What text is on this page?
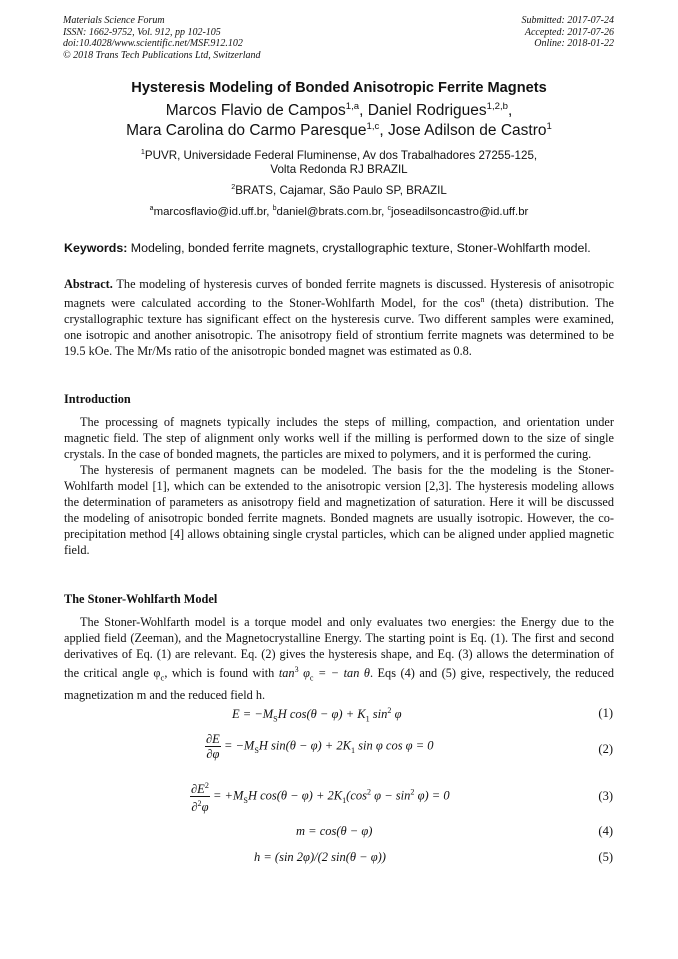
Materials Science Forum
ISSN: 1662-9752, Vol. 912, pp 102-105
doi:10.4028/www.scientific.net/MSF.912.102
© 2018 Trans Tech Publications Ltd, Switzerland
Submitted: 2017-07-24
Accepted: 2017-07-26
Online: 2018-01-22
Hysteresis Modeling of Bonded Anisotropic Ferrite Magnets
Marcos Flavio de Campos$^{1,a}$, Daniel Rodrigues$^{1,2,b}$,
Mara Carolina do Carmo Paresque$^{1,c}$, Jose Adilson de Castro$^1$
$^1$PUVR, Universidade Federal Fluminense, Av dos Trabalhadores 27255-125,
Volta Redonda RJ BRAZIL
$^2$BRATS, Cajamar, São Paulo SP, BRAZIL
$^a$marcosflavio@id.uff.br, $^b$daniel@brats.com.br, $^c$joseadilsoncastro@id.uff.br
Keywords: Modeling, bonded ferrite magnets, crystallographic texture, Stoner-Wohlfarth model.

Abstract. The modeling of hysteresis curves of bonded ferrite magnets is discussed. Hysteresis of anisotropic magnets were calculated according to the Stoner-Wohlfarth Model, for the $\cos^n$ (theta) distribution. The crystallographic texture has significant effect on the hysteresis curve. Two different samples were examined, one isotropic and another anisotropic. The anisotropy field of strontium ferrite magnets was determined to be 19.5 kOe. The Mr/Ms ratio of the anisotropic bonded magnet was estimated as 0.8.

Introduction

The processing of magnets typically includes the steps of milling, compaction, and orientation under magnetic field. The step of alignment only works well if the milling is performed down to the size of single crystals. In the case of bonded magnets, the particles are mixed to polymers, and it is performed the curing.

The hysteresis of permanent magnets can be modeled. The basis for the the modeling is the Stoner-Wohlfarth model [1], which can be extended to the anisotropic version [2,3]. The hysteresis modeling allows the determination of parameters as anisotropy field and magnetization of saturation. Here it will be discussed the modeling of anisotropic bonded ferrite magnets. Bonded magnets are usually isotropic. However, the co-precipitation method [4] allows obtaining single crystal particles, which can be aligned under applied magnetic field.

The Stoner-Wohlfarth Model

The Stoner-Wohlfarth model is a torque model and only evaluates two energies: the Energy due to the applied field (Zeeman), and the Magnetocrystalline Energy. The starting point is Eq. (1). The first and second derivatives of Eq. (1) are relevant. Eq. (2) gives the hysteresis shape, and Eq. (3) allows the determination of the critical angle $\varphi_c$, which is found with $\tan^3 \varphi_c$ = − tan θ. Eqs (4) and (5) give, respectively, the reduced magnetization m and the reduced field h.

$E = -M_SH$ $\cos(\theta - \varphi) + K_1$ $\sin^2 \varphi$	(1)
$\frac{\partial E}{\partial\varphi} = -M_SH$ $\sin(\theta - \varphi) + 2K_1$ sin φ cos φ = 0	(2)
$\frac{\partial E^2}{\partial^2\varphi} = +M_SH$ $\cos(\theta - \varphi) + 2K_1(\cos^2$ $\varphi - \sin^2 \varphi) = 0$	(3)
m = cos(θ − φ)	(4)
h = (sin 2φ)/(2 sin(θ − φ))	(5)
